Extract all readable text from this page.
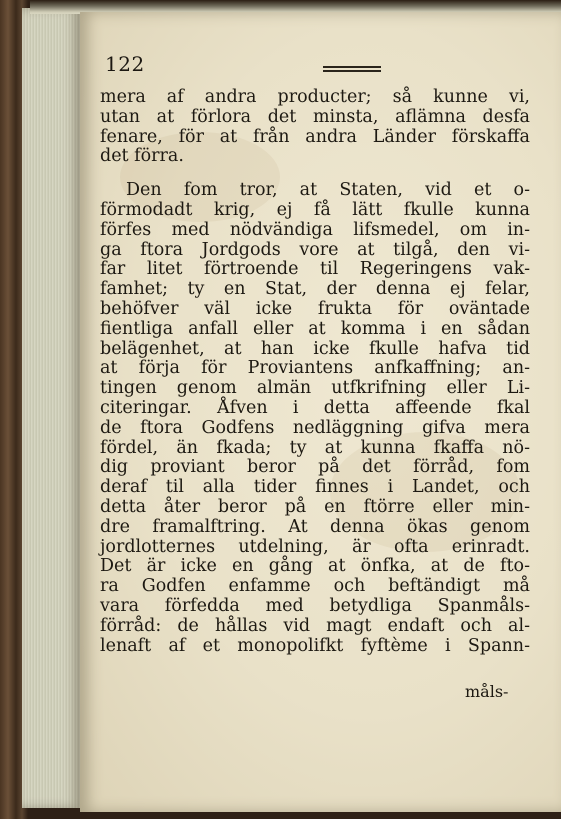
122
mera af andra producter; så kunne vi,
utan at förlora det minsta, aflämna desfa
fenare, för at från andra Länder förskaffa
det förra.
Den fom tror, at Staten, vid et o-
förmodadt krig, ej få lätt fkulle kunna
förfes med nödvändiga lifsmedel, om in-
ga ftora Jordgods vore at tilgå, den vi-
far litet förtroende til Regeringens vak-
famhet; ty en Stat, der denna ej felar,
behöfver väl icke frukta för oväntade
fientliga anfall eller at komma i en sådan
belägenhet, at han icke fkulle hafva tid
at förja för Proviantens anfkaffning; an-
tingen genom almän utfkrifning eller Li-
citeringar. Åfven i detta affeende fkal
de ftora Godfens nedläggning gifva mera
fördel, än fkada; ty at kunna fkaffa nö-
dig proviant beror på det förråd, fom
deraf til alla tider finnes i Landet, och
detta åter beror på en ftörre eller min-
dre framalftring. At denna ökas genom
jordlotternes utdelning, är ofta erinradt.
Det är icke en gång at önfka, at de fto-
ra Godfen enfamme och beftändigt må
vara förfedda med betydliga Spanmåls-
förråd: de hållas vid magt endaft och al-
lenaft af et monopolifkt fyftème i Spann-
måls-
